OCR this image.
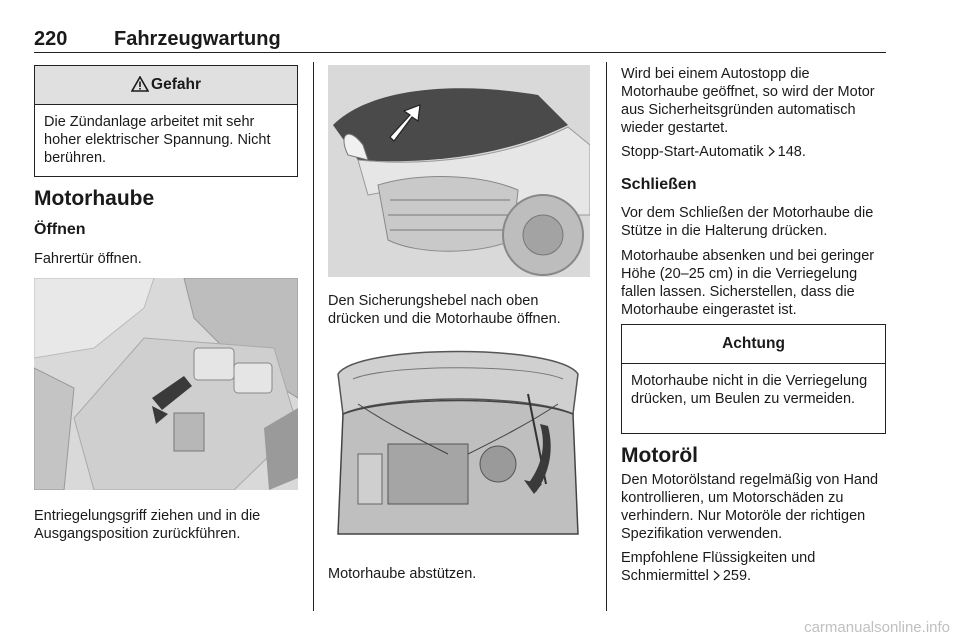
220 Fahrzeugwartung
Gefahr
Die Zündanlage arbeitet mit sehr hoher elektrischer Spannung. Nicht berühren.
Motorhaube
Öffnen
Fahrertür öffnen.
Entriegelungsgriff ziehen und in die Ausgangsposition zurückführen.
Den Sicherungshebel nach oben drücken und die Motorhaube öffnen.
Motorhaube abstützen.
Wird bei einem Autostopp die Motorhaube geöffnet, so wird der Motor aus Sicherheitsgründen automatisch wieder gestartet.
Stopp-Start-Automatik
148.
Schließen
Vor dem Schließen der Motorhaube die Stütze in die Halterung drücken.
Motorhaube absenken und bei geringer Höhe (20–25 cm) in die Verriegelung fallen lassen. Sicherstellen, dass die Motorhaube eingerastet ist.
Achtung
Motorhaube nicht in die Verriegelung drücken, um Beulen zu vermeiden.
Motoröl
Den Motorölstand regelmäßig von Hand kontrollieren, um Motorschäden zu verhindern. Nur Motoröle der richtigen Spezifikation verwenden.
Empfohlene Flüssigkeiten und Schmiermittel
259.
carmanualsonline.info
